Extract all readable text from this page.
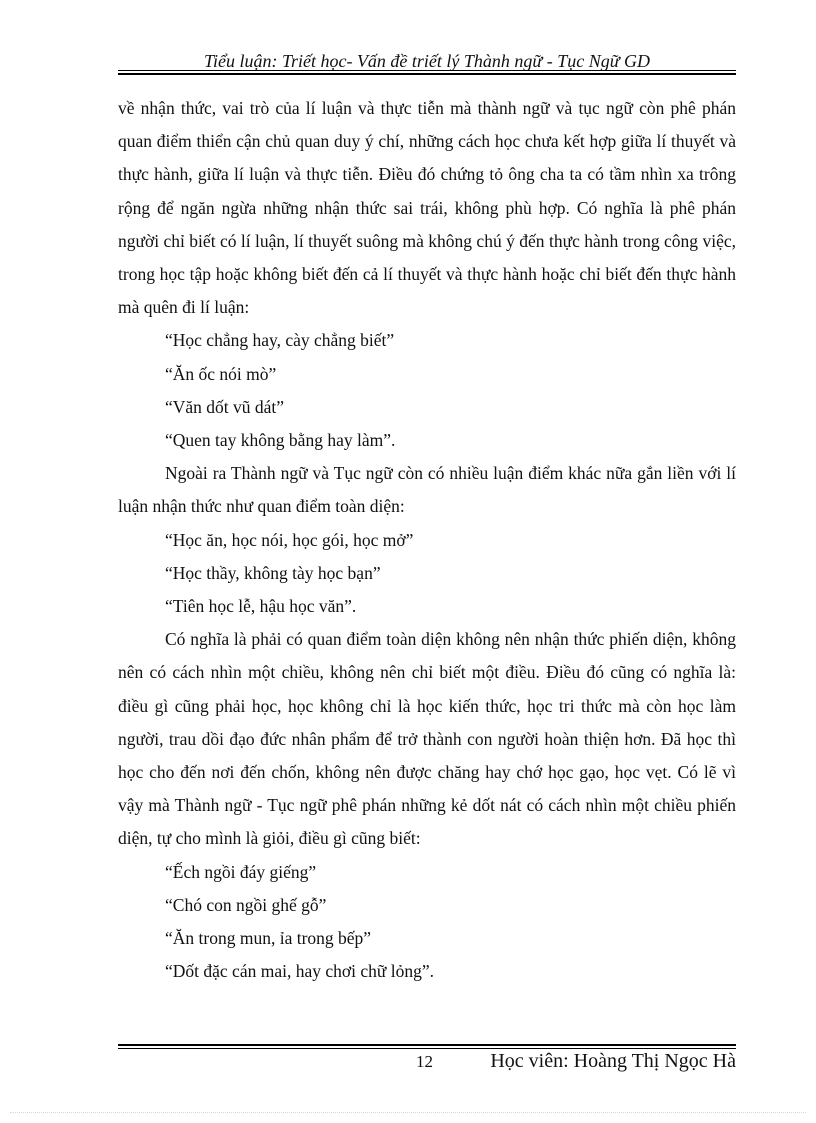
Tiểu luận: Triết học- Vấn đề triết lý Thành ngữ - Tục Ngữ GD

về nhận thức, vai trò của lí luận và thực tiễn mà thành ngữ và tục ngữ còn phê phán quan điểm thiển cận chủ quan duy ý chí, những cách học chưa kết hợp giữa lí thuyết và thực hành, giữa lí luận và thực tiễn. Điều đó chứng tỏ ông cha ta có tầm nhìn xa trông rộng để ngăn ngừa những nhận thức sai trái, không phù hợp. Có nghĩa là phê phán người chỉ biết có lí luận, lí thuyết suông mà không chú ý đến thực hành trong công việc, trong học tập hoặc không biết đến cả lí thuyết và thực hành hoặc chỉ biết đến thực hành mà quên đi lí luận:

“Học chẳng hay, cày chẳng biết”

“Ăn ốc nói mò”

“Văn dốt vũ dát”

“Quen tay không bằng hay làm”.

Ngoài ra Thành ngữ và Tục ngữ còn có nhiều luận điểm khác nữa gắn liền với lí luận nhận thức như quan điểm toàn diện:

“Học ăn, học nói, học gói, học mở”

“Học thầy, không tày học bạn”

“Tiên học lễ, hậu học văn”.

Có nghĩa là phải có quan điểm toàn diện không nên nhận thức phiến diện, không nên có cách nhìn một chiều, không nên chỉ biết một điều. Điều đó cũng có nghĩa là: điều gì cũng phải học, học không chỉ là học kiến thức, học tri thức mà còn học làm người, trau dồi đạo đức nhân phẩm để trở thành con người hoàn thiện hơn. Đã học thì học cho đến nơi đến chốn, không nên được chăng hay chớ học gạo, học vẹt. Có lẽ vì vậy mà Thành ngữ - Tục ngữ phê phán những kẻ dốt nát có cách nhìn một chiều phiến diện, tự cho mình là giỏi, điều gì cũng biết:

“Ếch ngồi đáy giếng”

“Chó con ngồi ghế gỗ”

“Ăn trong mun, ỉa trong bếp”

“Dốt đặc cán mai, hay chơi chữ lỏng”.

12	Học viên: Hoàng Thị Ngọc Hà
